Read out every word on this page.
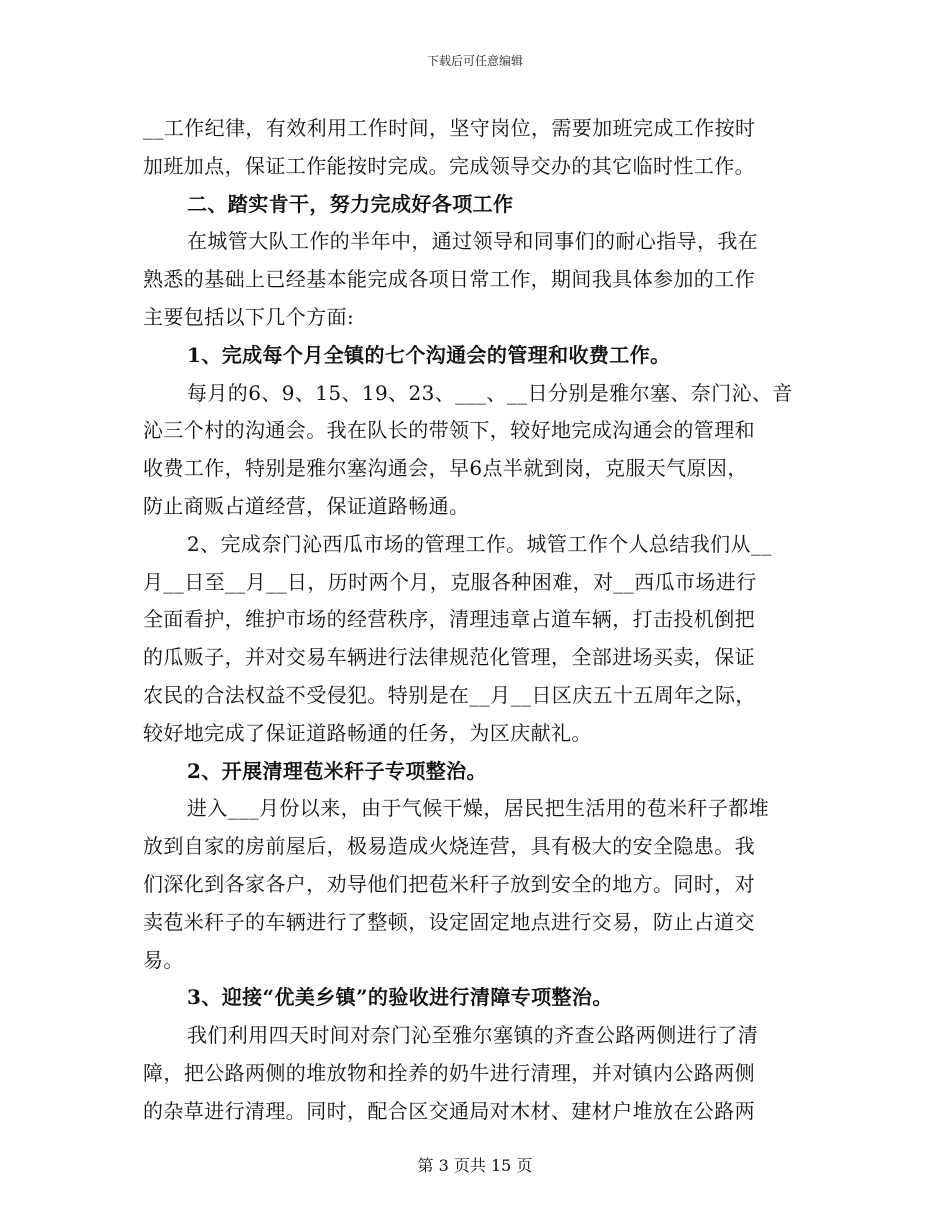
下载后可任意编辑
__工作纪律，有效利用工作时间，坚守岗位，需要加班完成工作按时
加班加点，保证工作能按时完成。完成领导交办的其它临时性工作。
二、踏实肯干，努力完成好各项工作
在城管大队工作的半年中，通过领导和同事们的耐心指导，我在
熟悉的基础上已经基本能完成各项日常工作，期间我具体参加的工作
主要包括以下几个方面:
1、完成每个月全镇的七个沟通会的管理和收费工作。
每月的6、9、15、19、23、___、__日分别是雅尔塞、奈门沁、音
沁三个村的沟通会。我在队长的带领下，较好地完成沟通会的管理和
收费工作，特别是雅尔塞沟通会，早6点半就到岗，克服天气原因，
防止商贩占道经营，保证道路畅通。
2、完成奈门沁西瓜市场的管理工作。城管工作个人总结我们从__
月__日至__月__日，历时两个月，克服各种困难，对__西瓜市场进行
全面看护，维护市场的经营秩序，清理违章占道车辆，打击投机倒把
的瓜贩子，并对交易车辆进行法律规范化管理，全部进场买卖，保证
农民的合法权益不受侵犯。特别是在__月__日区庆五十五周年之际，
较好地完成了保证道路畅通的任务，为区庆献礼。
2、开展清理苞米秆子专项整治。
进入___月份以来，由于气候干燥，居民把生活用的苞米秆子都堆
放到自家的房前屋后，极易造成火烧连营，具有极大的安全隐患。我
们深化到各家各户，劝导他们把苞米秆子放到安全的地方。同时，对
卖苞米秆子的车辆进行了整顿，设定固定地点进行交易，防止占道交
易。
3、迎接“优美乡镇”的验收进行清障专项整治。
我们利用四天时间对奈门沁至雅尔塞镇的齐查公路两侧进行了清
障，把公路两侧的堆放物和拴养的奶牛进行清理，并对镇内公路两侧
的杂草进行清理。同时，配合区交通局对木材、建材户堆放在公路两
第 3 页共 15 页
